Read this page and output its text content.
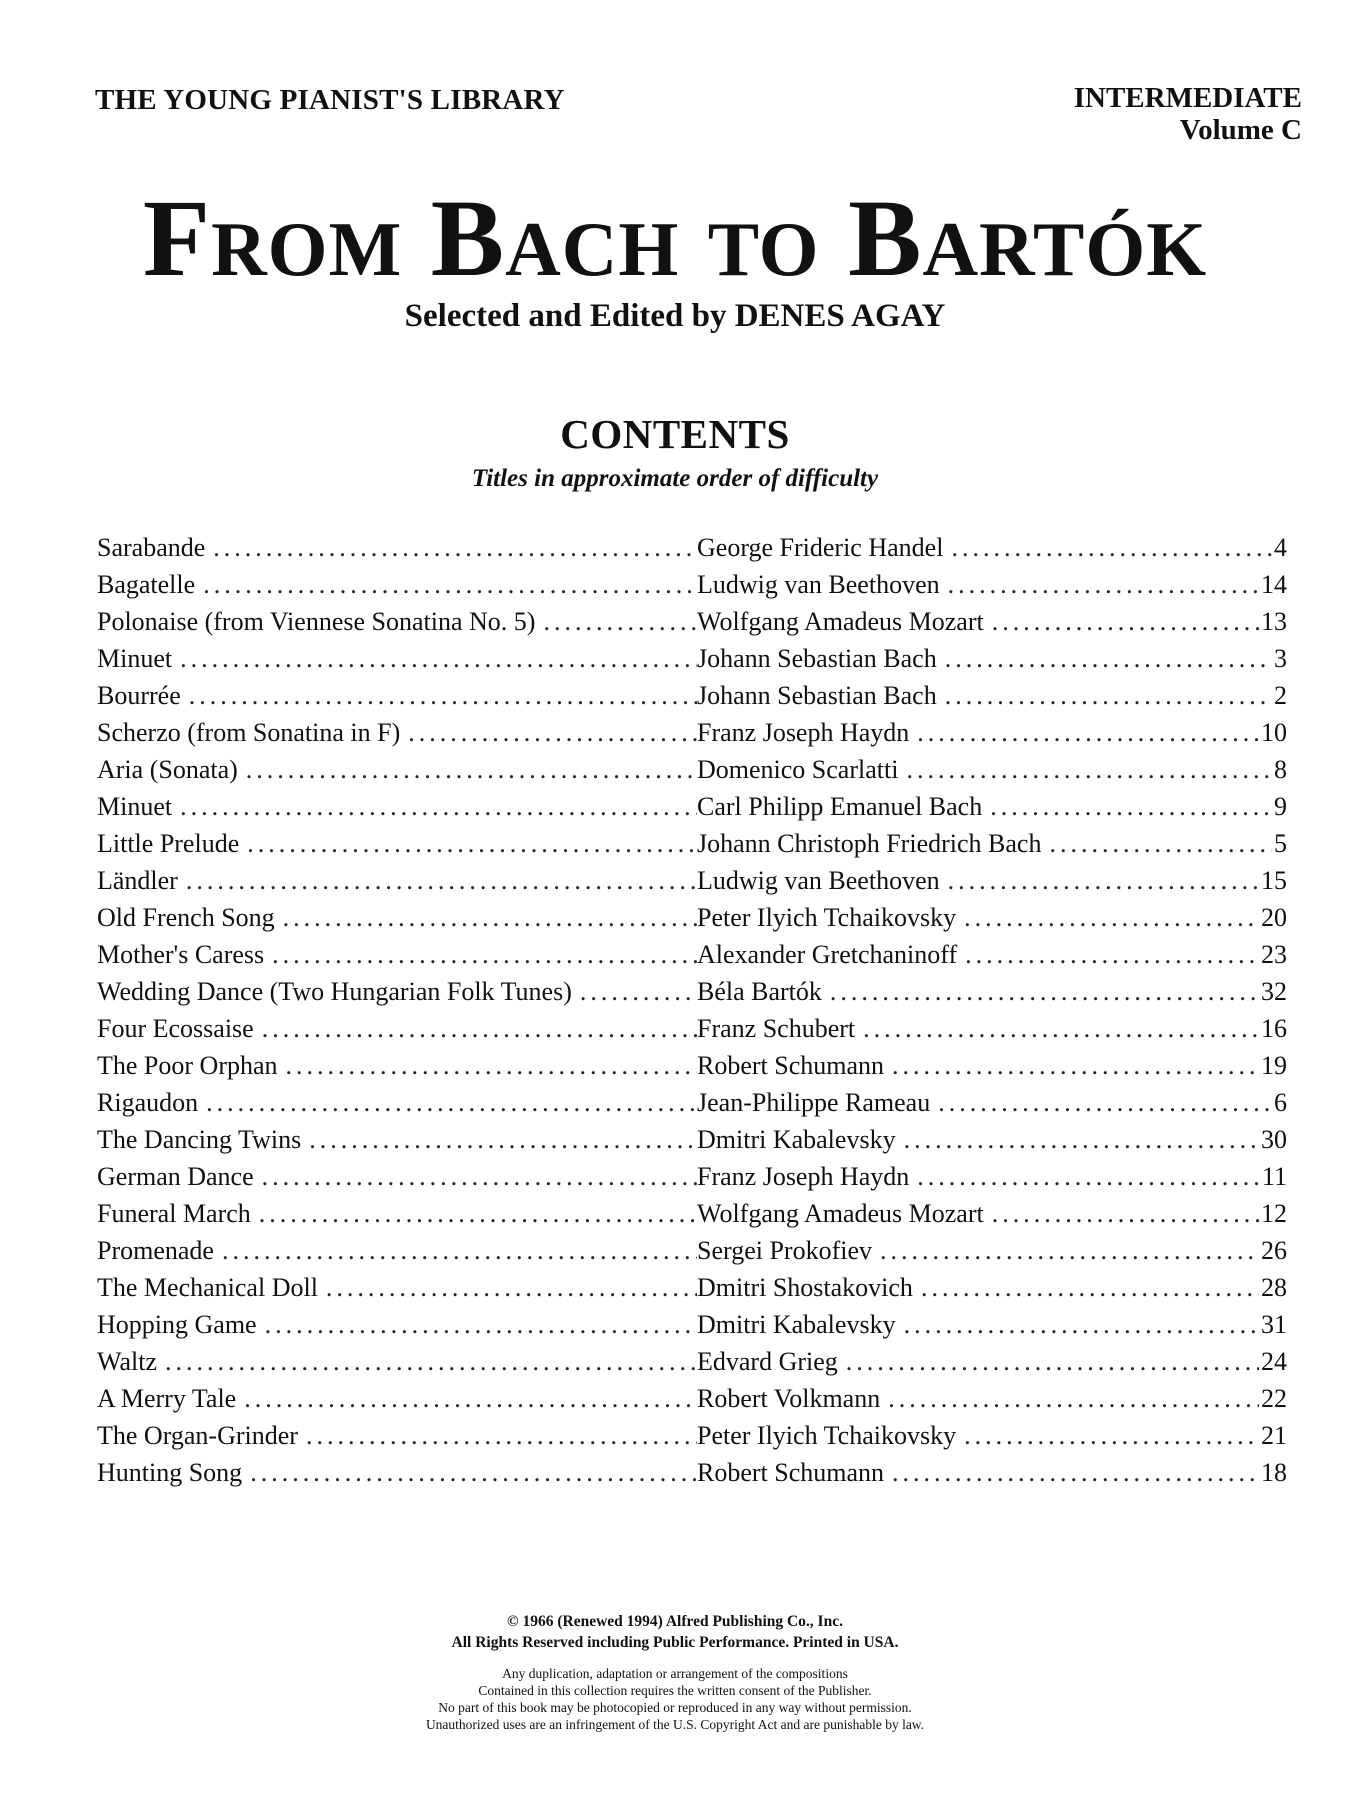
THE YOUNG PIANIST'S LIBRARY	INTERMEDIATE
Volume C
From Bach to Bartók
Selected and Edited by DENES AGAY
CONTENTS
Titles in approximate order of difficulty
Sarabande .....	George Frideric Handel .....	4
Bagatelle .....	Ludwig van Beethoven .....	14
Polonaise (from Viennese Sonatina No. 5) .....	Wolfgang Amadeus Mozart .....	13
Minuet .....	Johann Sebastian Bach .....	3
Bourrée .....	Johann Sebastian Bach .....	2
Scherzo (from Sonatina in F) .....	Franz Joseph Haydn .....	10
Aria (Sonata) .....	Domenico Scarlatti .....	8
Minuet .....	Carl Philipp Emanuel Bach .....	9
Little Prelude .....	Johann Christoph Friedrich Bach .....	5
Ländler .....	Ludwig van Beethoven .....	15
Old French Song .....	Peter Ilyich Tchaikovsky .....	20
Mother's Caress .....	Alexander Gretchaninoff .....	23
Wedding Dance (Two Hungarian Folk Tunes) .....	Béla Bartók .....	32
Four Ecossaise .....	Franz Schubert .....	16
The Poor Orphan .....	Robert Schumann .....	19
Rigaudon .....	Jean-Philippe Rameau .....	6
The Dancing Twins .....	Dmitri Kabalevsky .....	30
German Dance .....	Franz Joseph Haydn .....	11
Funeral March .....	Wolfgang Amadeus Mozart .....	12
Promenade .....	Sergei Prokofiev .....	26
The Mechanical Doll .....	Dmitri Shostakovich .....	28
Hopping Game .....	Dmitri Kabalevsky .....	31
Waltz .....	Edvard Grieg .....	24
A Merry Tale .....	Robert Volkmann .....	22
The Organ-Grinder .....	Peter Ilyich Tchaikovsky .....	21
Hunting Song .....	Robert Schumann .....	18
© 1966 (Renewed 1994) Alfred Publishing Co., Inc.
All Rights Reserved including Public Performance. Printed in USA.
Any duplication, adaptation or arrangement of the compositions
Contained in this collection requires the written consent of the Publisher.
No part of this book may be photocopied or reproduced in any way without permission.
Unauthorized uses are an infringement of the U.S. Copyright Act and are punishable by law.
